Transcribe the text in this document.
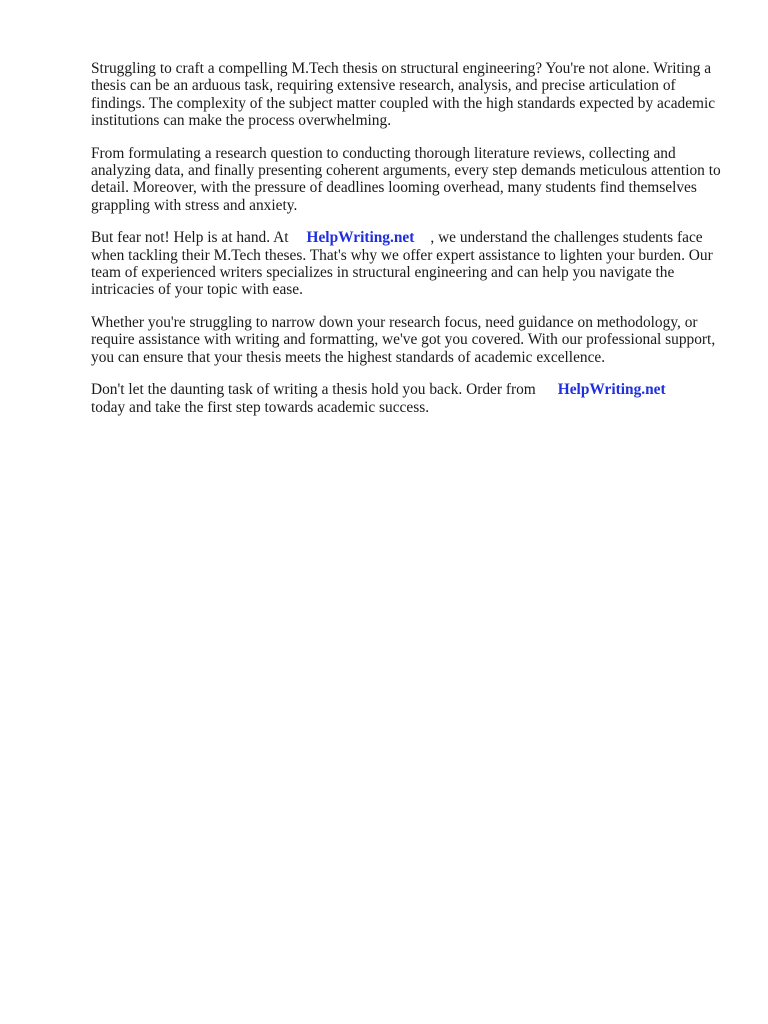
Struggling to craft a compelling M.Tech thesis on structural engineering? You're not alone. Writing a thesis can be an arduous task, requiring extensive research, analysis, and precise articulation of findings. The complexity of the subject matter coupled with the high standards expected by academic institutions can make the process overwhelming.

From formulating a research question to conducting thorough literature reviews, collecting and analyzing data, and finally presenting coherent arguments, every step demands meticulous attention to detail. Moreover, with the pressure of deadlines looming overhead, many students find themselves grappling with stress and anxiety.

But fear not! Help is at hand. At HelpWriting.net , we understand the challenges students face when tackling their M.Tech theses. That's why we offer expert assistance to lighten your burden. Our team of experienced writers specializes in structural engineering and can help you navigate the intricacies of your topic with ease.

Whether you're struggling to narrow down your research focus, need guidance on methodology, or require assistance with writing and formatting, we've got you covered. With our professional support, you can ensure that your thesis meets the highest standards of academic excellence.

Don't let the daunting task of writing a thesis hold you back. Order from HelpWriting.net
today and take the first step towards academic success.
